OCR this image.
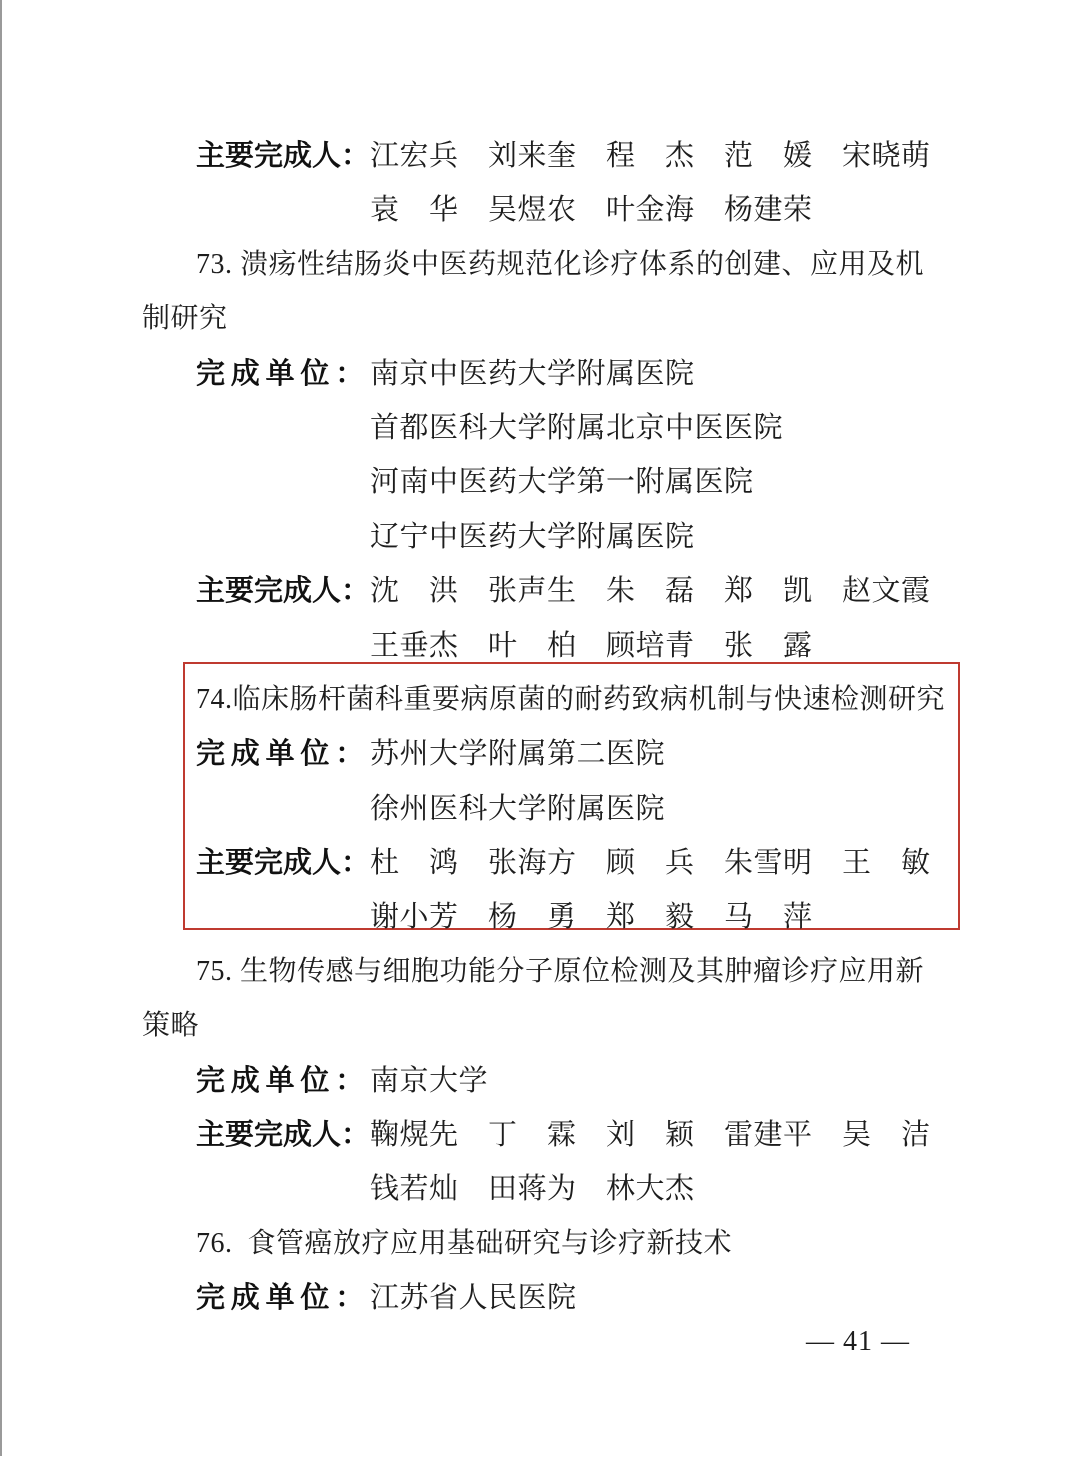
主要完成人：江宏兵　刘来奎　程　杰　范　媛　宋晓萌
袁　华　吴煜农　叶金海　杨建荣
73. 溃疡性结肠炎中医药规范化诊疗体系的创建、应用及机
制研究
完成单位：南京中医药大学附属医院
首都医科大学附属北京中医医院
河南中医药大学第一附属医院
辽宁中医药大学附属医院
主要完成人：沈　洪　张声生　朱　磊　郑　凯　赵文霞
王垂杰　叶　柏　顾培青　张　露
74.临床肠杆菌科重要病原菌的耐药致病机制与快速检测研究
完成单位：苏州大学附属第二医院
徐州医科大学附属医院
主要完成人：杜　鸿　张海方　顾　兵　朱雪明　王　敏
谢小芳　杨　勇　郑　毅　马　萍
75. 生物传感与细胞功能分子原位检测及其肿瘤诊疗应用新
策略
完成单位：南京大学
主要完成人：鞠熀先　丁　霖　刘　颖　雷建平　吴　洁
钱若灿　田蒋为　林大杰
76.  食管癌放疗应用基础研究与诊疗新技术
完成单位：江苏省人民医院
— 41 —
